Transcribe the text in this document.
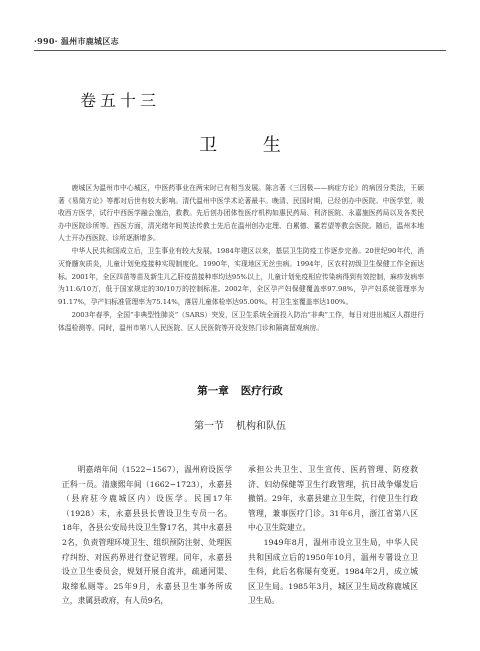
·990· 温州市鹿城区志
卷五十三
卫 生

鹿城区为温州市中心城区，中医药事业在两宋时已有相当发展。陈言著《三因极——病症方论》的病因分类法，王硕著《易简方论》等都对后世有较大影响。清代温州中医学术论著最丰。晚清、民国时期，已经创办中医院、中医学堂，吸收西方医学，试行中西医学融会施治，救教。先后创办团体性医疗机构如惠民药局、利济医院、永嘉施医药局以及各类民办中医院诊所等。西医方面，清光绪年间英法传教士先后在温州创办定理、白累德、董若望等教会医院。随后，温州本地人士开办西医院、诊所逐渐增多。

中华人民共和国成立后，卫生事业有较大发展。1984年建区以来，基层卫生防疫工作逐步完善。20世纪90年代，消灭脊髓灰质炎，儿童计划免疫接种实现制度化。1990年，实现地区无丝虫病。1994年，区农村初级卫生保健工作全面达标。2001年，全区四苗等苗及新生儿乙肝疫苗接种率均达95%以上，儿童计划免疫相应传染病得到有效控制，麻疹发病率为11.6/10万，低于国家规定的30/10万的控制标准。2002年，全区孕产妇保健覆盖率97.98%，孕产妇系统管理率为91.17%，孕产妇标准管理率为75.14%，落居儿童体检率达95.00%。村卫生室覆盖率达100%。

2003年春季，全国“非典型性肺炎”（SARS）突发，区卫生系统全面投入防治“非典”工作，每日对进出城区人群进行体温检测等。同时，温州市第八人民医院、区人民医院等开设发热门诊和隔离留观病房。

第一章 医疗行政
第一节 机构和队伍

明嘉靖年间（1522~1567），温州府设医学正科一员。清康熙年间（1662~1723），永嘉县（县府驻今鹿城区内）设医学。民国17年（1928）末，永嘉县县长曾设卫生专员一名。18年，各县公安局共设卫生警17名，其中永嘉县2名，负责管理环境卫生、组织预防注射、处理医疗纠纷、对医药界进行登记管理。同年，永嘉县设立卫生委员会，规划开展自流井，疏通河渠、取缔私厕等。25年9月，永嘉县卫生事务所成立，隶属县政府，有人员9名，

承担公共卫生、卫生宣传、医药管理、防疫救济、妇幼保健等卫生行政管理，抗日战争爆发后撤销。29年，永嘉县建立卫生院，行使卫生行政管理，兼事医疗门诊。31年6月，浙江省第八区中心卫生院建立。

1949年8月，温州市设立卫生局，中华人民共和国成立后的1950年10月，温州专署设立卫生科，此后名称屡有变更。1984年2月，成立城区卫生局。1985年3月，城区卫生局改称鹿城区卫生局。
